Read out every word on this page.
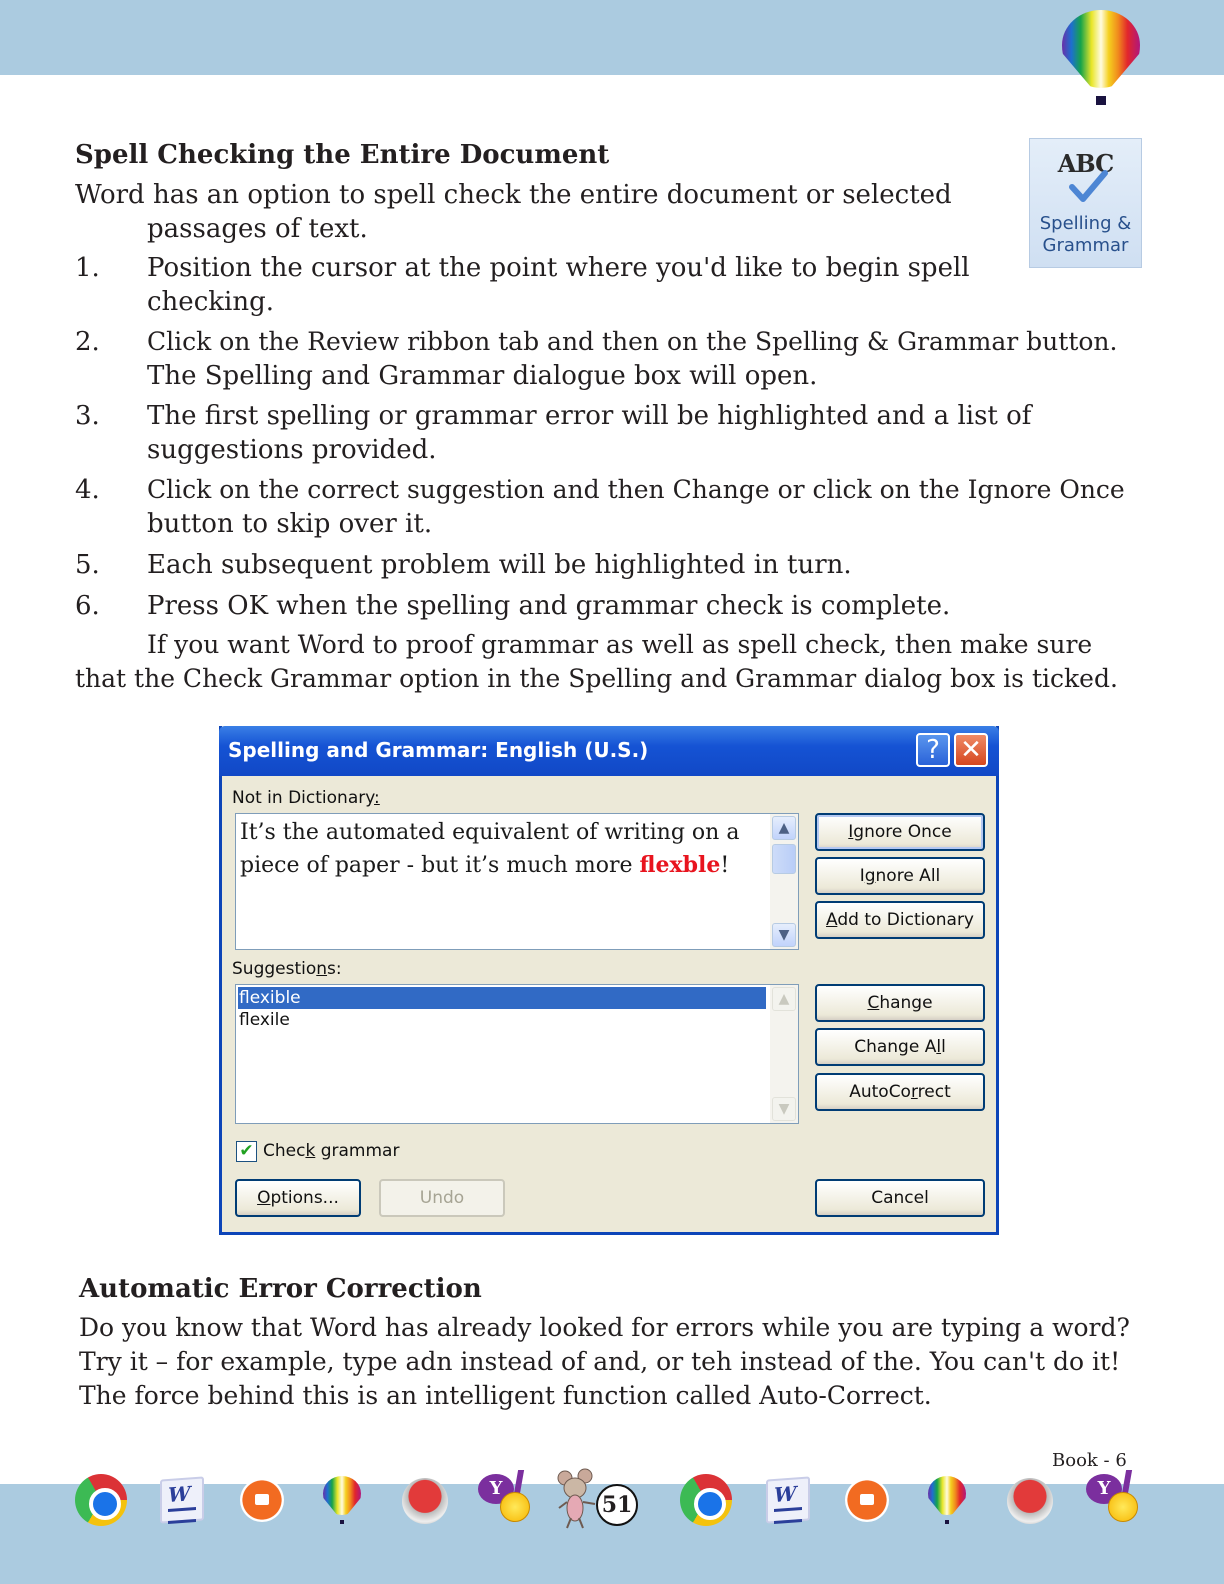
ABC
Spelling &
Grammar
Spell Checking the Entire Document
Word has an option to spell check the entire document or selected
passages of text.
1.	Position the cursor at the point where you'd like to begin spell
checking.
2.	Click on the Review ribbon tab and then on the Spelling & Grammar button.
The Spelling and Grammar dialogue box will open.
3.	The first spelling or grammar error will be highlighted and a list of
suggestions provided.
4.	Click on the correct suggestion and then Change or click on the Ignore Once
button to skip over it.
5.	Each subsequent problem will be highlighted in turn.
6.	Press OK when the spelling and grammar check is complete.
If you want Word to proof grammar as well as spell check, then make sure
that the Check Grammar option in the Spelling and Grammar dialog box is ticked.
Automatic Error Correction
Do you know that Word has already looked for errors while you are typing a word?
Try it – for example, type adn instead of and, or teh instead of the. You can't do it!
The force behind this is an intelligent function called Auto-Correct.
Spelling and Grammar: English (U.S.)	? ✕
Not in Dictionary:
It’s the automated equivalent of writing on a
piece of paper - but it’s much more flexble!
▲
▼
Suggestions:
flexible
flexile
▲
▼
✔ Check grammar
Ignore Once
Ignore All
Add to Dictionary
Change
Change All
AutoCorrect
Options...	Undo	Cancel
Book - 6
W	Y
51	W	Y
